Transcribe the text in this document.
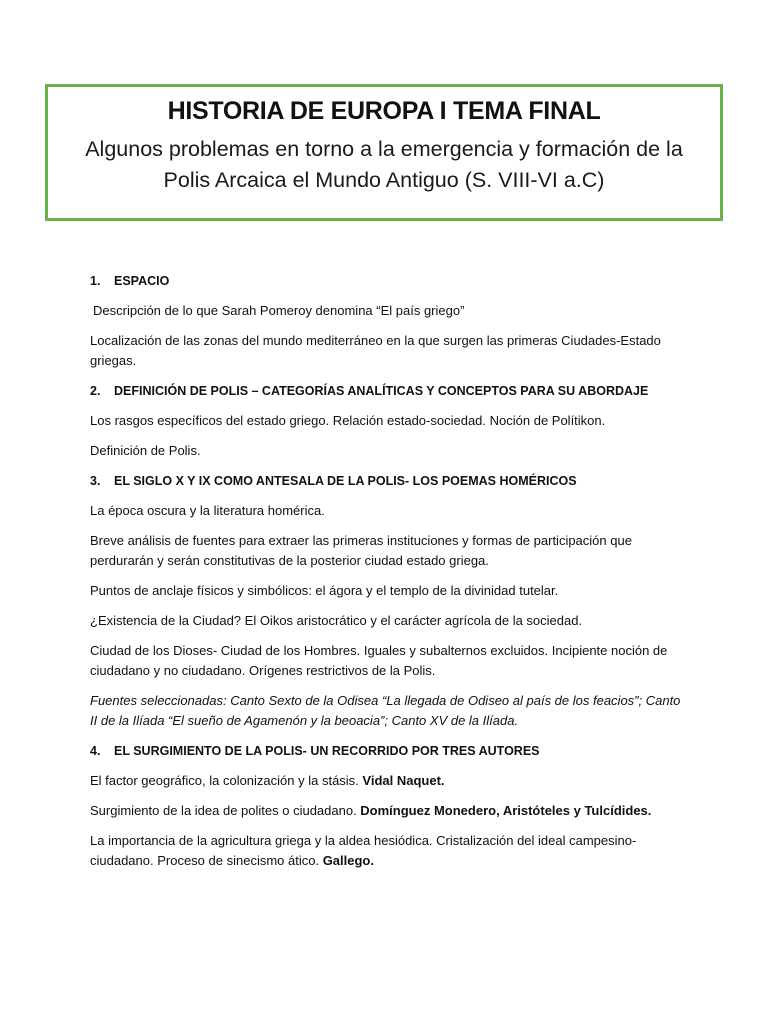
HISTORIA DE EUROPA I TEMA FINAL
Algunos problemas en torno a la emergencia y formación de la
Polis Arcaica el Mundo Antiguo (S. VIII-VI a.C)
1. ESPACIO

Descripción de lo que Sarah Pomeroy denomina “El país griego”

Localización de las zonas del mundo mediterráneo en la que surgen las primeras Ciudades-Estado griegas.

2. DEFINICIÓN DE POLIS – CATEGORÍAS ANALÍTICAS Y CONCEPTOS PARA SU ABORDAJE

Los rasgos específicos del estado griego. Relación estado-sociedad. Noción de Polítikon.

Definición de Polis.

3. EL SIGLO X Y IX COMO ANTESALA DE LA POLIS- LOS POEMAS HOMÉRICOS

La época oscura y la literatura homérica.

Breve análisis de fuentes para extraer las primeras instituciones y formas de participación que perdurarán y serán constitutivas de la posterior ciudad estado griega.

Puntos de anclaje físicos y simbólicos: el ágora y el templo de la divinidad tutelar.

¿Existencia de la Ciudad? El Oikos aristocrático y el carácter agrícola de la sociedad.

Ciudad de los Dioses- Ciudad de los Hombres. Iguales y subalternos excluidos. Incipiente noción de ciudadano y no ciudadano. Orígenes restrictivos de la Polis.

Fuentes seleccionadas: Canto Sexto de la Odisea “La llegada de Odiseo al país de los feacios”; Canto II de la Ilíada “El sueño de Agamenón y la beoacia”; Canto XV de la Ilíada.

4. EL SURGIMIENTO DE LA POLIS- UN RECORRIDO POR TRES AUTORES

El factor geográfico, la colonización y la stásis. Vidal Naquet.

Surgimiento de la idea de polites o ciudadano. Domínguez Monedero, Aristóteles y Tulcídides.

La importancia de la agricultura griega y la aldea hesiódica. Cristalización del ideal campesino-ciudadano. Proceso de sinecismo ático. Gallego.
